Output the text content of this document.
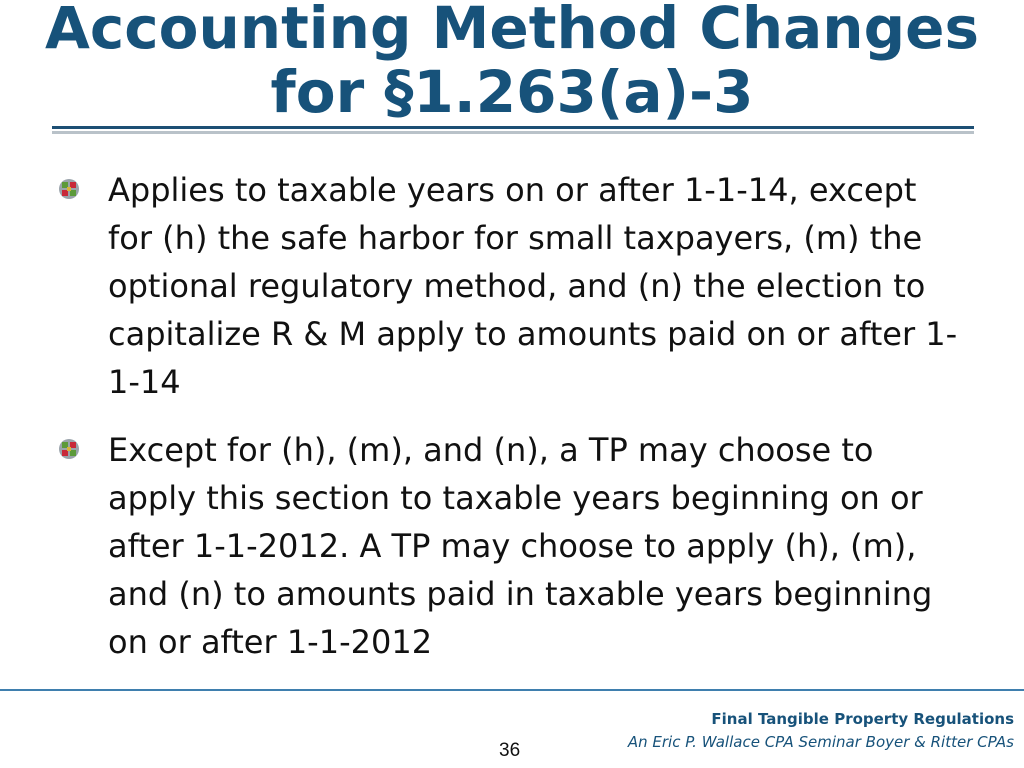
Accounting Method Changes
for §1.263(a)-3
Applies to taxable years on or after 1-1-14, except for (h) the safe harbor for small taxpayers, (m) the optional regulatory method, and (n) the election to capitalize R & M apply to amounts paid on or after 1-1-14
Except for (h), (m), and (n), a TP may choose to apply this section to taxable years beginning on or after 1-1-2012. A TP may choose to apply (h), (m), and (n) to amounts paid in taxable years beginning on or after 1-1-2012
Final Tangible Property Regulations
An Eric P. Wallace CPA Seminar Boyer & Ritter CPAs
36
